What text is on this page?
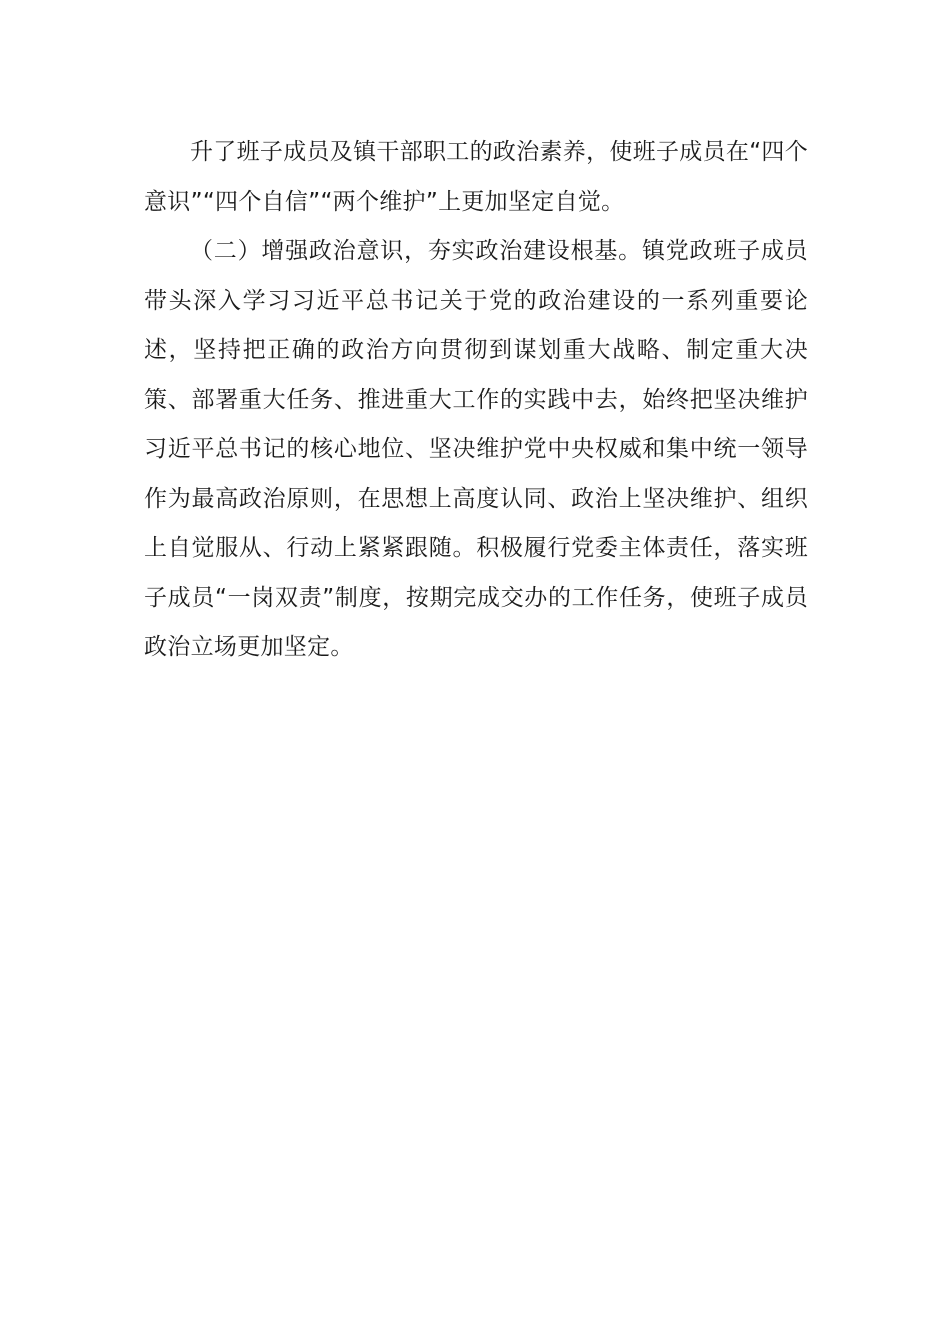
升了班子成员及镇干部职工的政治素养，使班子成员在“四个意识”“四个自信”“两个维护”上更加坚定自觉。

（二）增强政治意识，夯实政治建设根基。镇党政班子成员带头深入学习习近平总书记关于党的政治建设的一系列重要论述，坚持把正确的政治方向贯彻到谋划重大战略、制定重大决策、部署重大任务、推进重大工作的实践中去，始终把坚决维护习近平总书记的核心地位、坚决维护党中央权威和集中统一领导作为最高政治原则，在思想上高度认同、政治上坚决维护、组织上自觉服从、行动上紧紧跟随。积极履行党委主体责任，落实班子成员“一岗双责”制度，按期完成交办的工作任务，使班子成员政治立场更加坚定。
